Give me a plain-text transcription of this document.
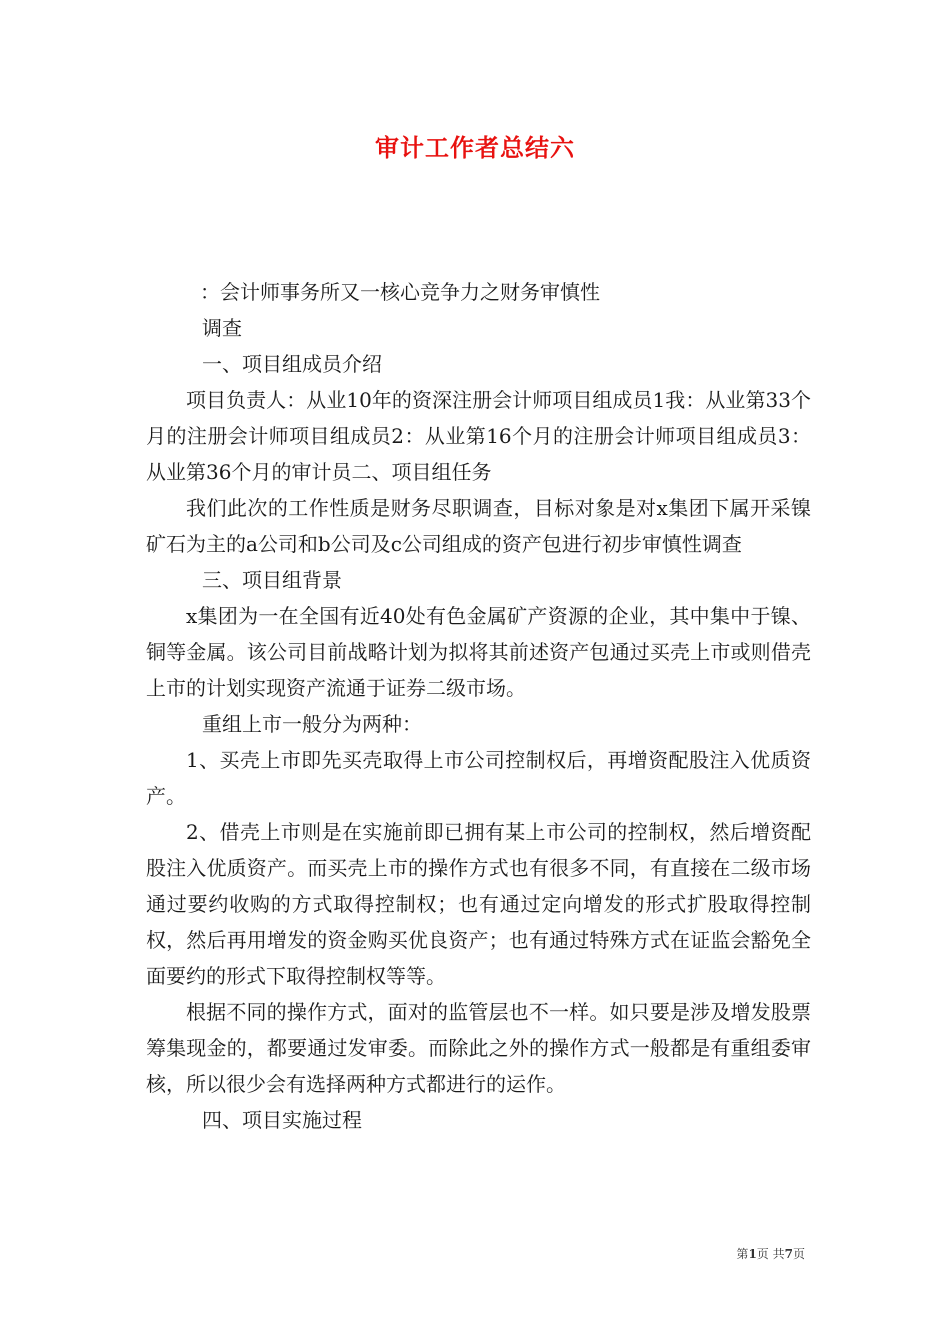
审计工作者总结六

：会计师事务所又一核心竞争力之财务审慎性

调查

一、项目组成员介绍

项目负责人：从业10年的资深注册会计师项目组成员1我：从业第33个月的注册会计师项目组成员2：从业第16个月的注册会计师项目组成员3：从业第36个月的审计员二、项目组任务

我们此次的工作性质是财务尽职调查，目标对象是对x集团下属开采镍矿石为主的a公司和b公司及c公司组成的资产包进行初步审慎性调查

三、项目组背景

x集团为一在全国有近40处有色金属矿产资源的企业，其中集中于镍、铜等金属。该公司目前战略计划为拟将其前述资产包通过买壳上市或则借壳上市的计划实现资产流通于证券二级市场。

重组上市一般分为两种：

1、买壳上市即先买壳取得上市公司控制权后，再增资配股注入优质资产。

2、借壳上市则是在实施前即已拥有某上市公司的控制权，然后增资配股注入优质资产。而买壳上市的操作方式也有很多不同，有直接在二级市场通过要约收购的方式取得控制权；也有通过定向增发的形式扩股取得控制权，然后再用增发的资金购买优良资产；也有通过特殊方式在证监会豁免全面要约的形式下取得控制权等等。

根据不同的操作方式，面对的监管层也不一样。如只要是涉及增发股票筹集现金的，都要通过发审委。而除此之外的操作方式一般都是有重组委审核，所以很少会有选择两种方式都进行的运作。

四、项目实施过程

第1页 共7页
